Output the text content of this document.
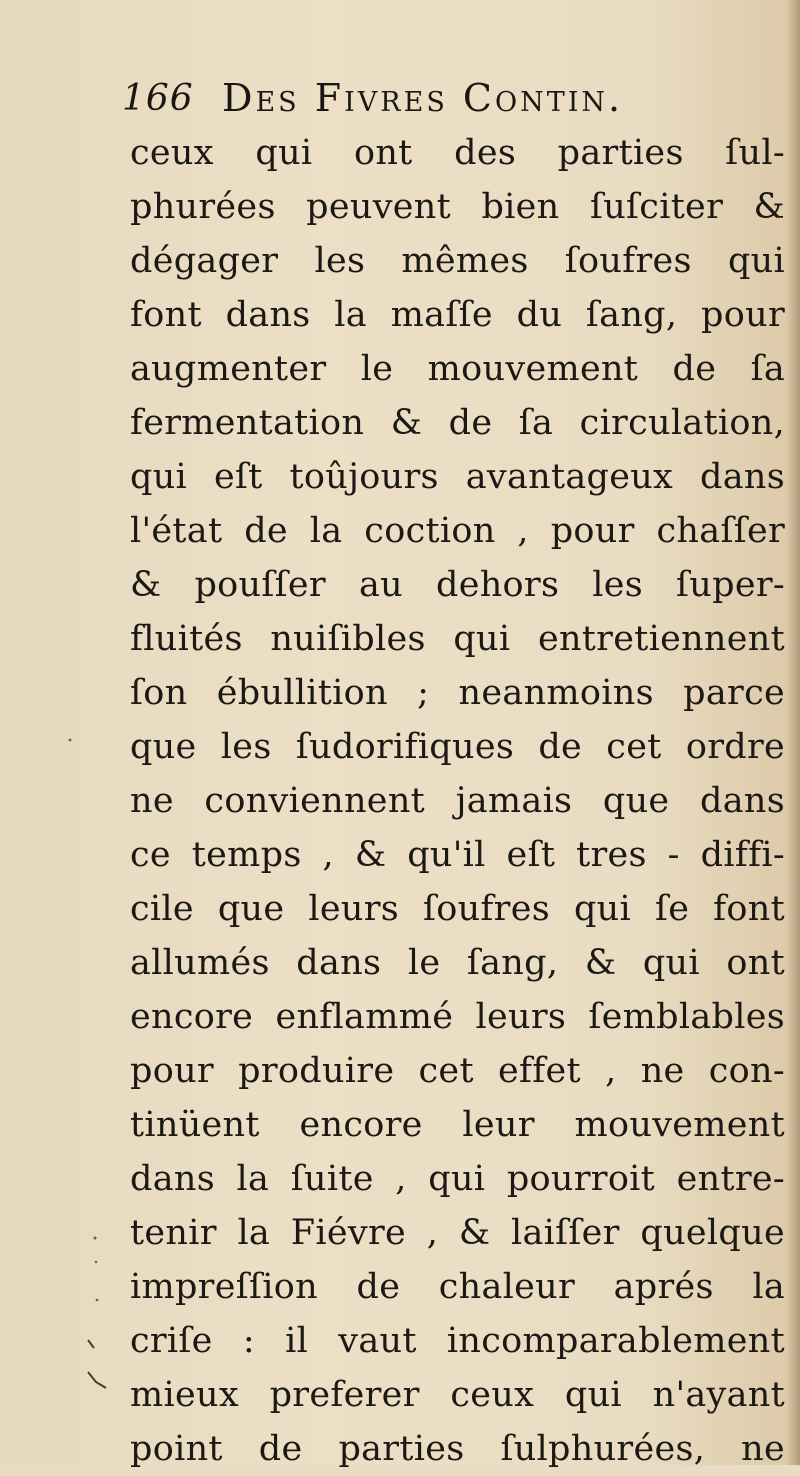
166 Des Fivres Contin.
ceux qui ont des parties ſul-
phurées peuvent bien ſuſciter &
dégager les mêmes ſoufres qui
font dans la maſſe du ſang, pour
augmenter le mouvement de ſa
fermentation & de ſa circulation,
qui eſt toûjours avantageux dans
l'état de la coction , pour chaſſer
& pouſſer au dehors les ſuper-
fluités nuiſibles qui entretiennent
ſon ébullition ; neanmoins parce
que les ſudorifiques de cet ordre
ne conviennent jamais que dans
ce temps , & qu'il eſt tres - diffi-
cile que leurs ſoufres qui ſe font
allumés dans le ſang, & qui ont
encore enflammé leurs ſemblables
pour produire cet effet , ne con-
tinüent encore leur mouvement
dans la ſuite , qui pourroit entre-
tenir la Fiévre , & laiſſer quelque
impreſſion de chaleur aprés la
criſe : il vaut incomparablement
mieux preferer ceux qui n'ayant
point de parties ſulphurées, ne
